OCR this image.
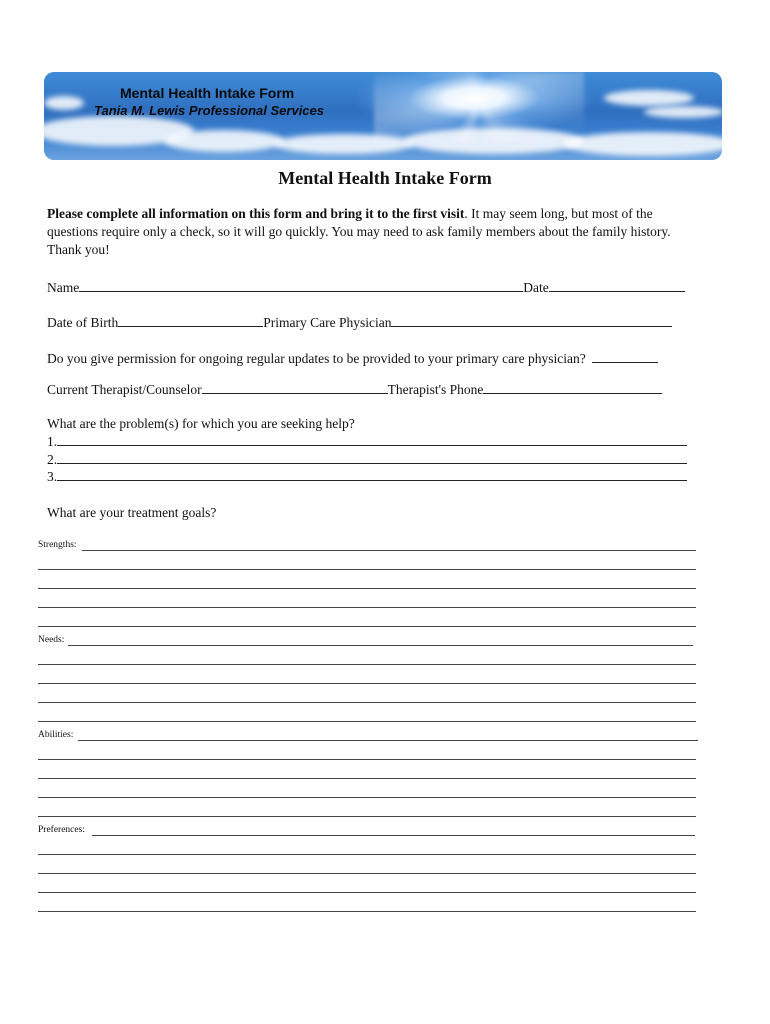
Mental Health Intake Form
Tania M. Lewis Professional Services
Mental Health Intake Form
Please complete all information on this form and bring it to the first visit. It may seem long, but most of the questions require only a check, so it will go quickly. You may need to ask family members about the family history. Thank you!
Name	Date
Date of Birth	Primary Care Physician
Do you give permission for ongoing regular updates to be provided to your primary care physician?
Current Therapist/Counselor	Therapist's Phone
What are the problem(s) for which you are seeking help?
1.
2.
3.
What are your treatment goals?
Strengths:
Needs:
Abilities:
Preferences:
